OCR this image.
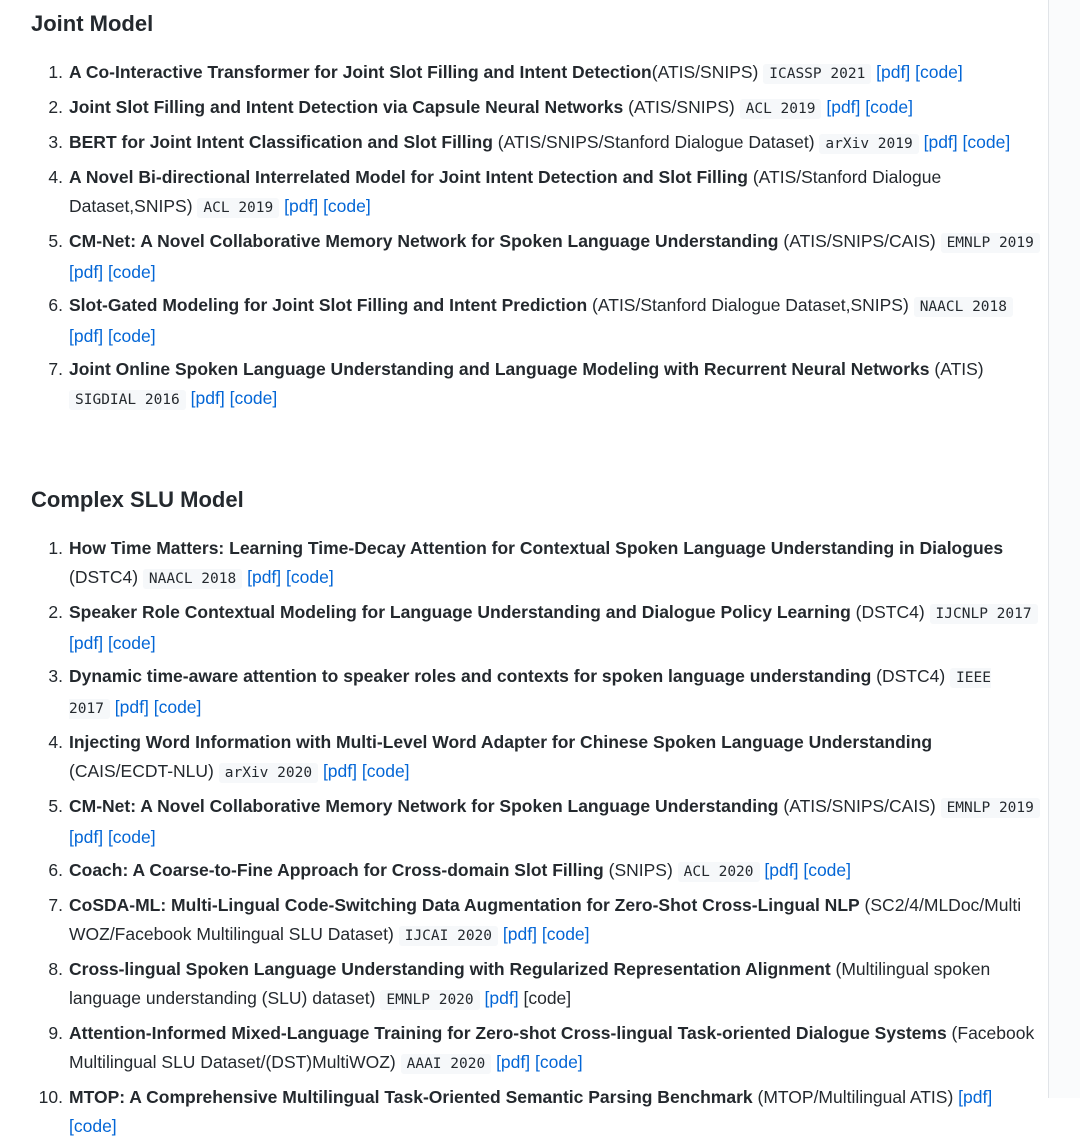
Joint Model
1. A Co-Interactive Transformer for Joint Slot Filling and Intent Detection(ATIS/SNIPS) ICASSP 2021 [pdf] [code]
2. Joint Slot Filling and Intent Detection via Capsule Neural Networks (ATIS/SNIPS) ACL 2019 [pdf] [code]
3. BERT for Joint Intent Classification and Slot Filling (ATIS/SNIPS/Stanford Dialogue Dataset) arXiv 2019 [pdf] [code]
4. A Novel Bi-directional Interrelated Model for Joint Intent Detection and Slot Filling (ATIS/Stanford Dialogue Dataset,SNIPS) ACL 2019 [pdf] [code]
5. CM-Net: A Novel Collaborative Memory Network for Spoken Language Understanding (ATIS/SNIPS/CAIS) EMNLP 2019 [pdf] [code]
6. Slot-Gated Modeling for Joint Slot Filling and Intent Prediction (ATIS/Stanford Dialogue Dataset,SNIPS) NAACL 2018 [pdf] [code]
7. Joint Online Spoken Language Understanding and Language Modeling with Recurrent Neural Networks (ATIS) SIGDIAL 2016 [pdf] [code]
Complex SLU Model
1. How Time Matters: Learning Time-Decay Attention for Contextual Spoken Language Understanding in Dialogues (DSTC4) NAACL 2018 [pdf] [code]
2. Speaker Role Contextual Modeling for Language Understanding and Dialogue Policy Learning (DSTC4) IJCNLP 2017 [pdf] [code]
3. Dynamic time-aware attention to speaker roles and contexts for spoken language understanding (DSTC4) IEEE 2017 [pdf] [code]
4. Injecting Word Information with Multi-Level Word Adapter for Chinese Spoken Language Understanding (CAIS/ECDT-NLU) arXiv 2020 [pdf] [code]
5. CM-Net: A Novel Collaborative Memory Network for Spoken Language Understanding (ATIS/SNIPS/CAIS) EMNLP 2019 [pdf] [code]
6. Coach: A Coarse-to-Fine Approach for Cross-domain Slot Filling (SNIPS) ACL 2020 [pdf] [code]
7. CoSDA-ML: Multi-Lingual Code-Switching Data Augmentation for Zero-Shot Cross-Lingual NLP (SC2/4/MLDoc/Multi WOZ/Facebook Multilingual SLU Dataset) IJCAI 2020 [pdf] [code]
8. Cross-lingual Spoken Language Understanding with Regularized Representation Alignment (Multilingual spoken language understanding (SLU) dataset) EMNLP 2020 [pdf] [code]
9. Attention-Informed Mixed-Language Training for Zero-shot Cross-lingual Task-oriented Dialogue Systems (Facebook Multilingual SLU Dataset/(DST)MultiWOZ) AAAI 2020 [pdf] [code]
10. MTOP: A Comprehensive Multilingual Task-Oriented Semantic Parsing Benchmark (MTOP/Multilingual ATIS) [pdf] [code]
